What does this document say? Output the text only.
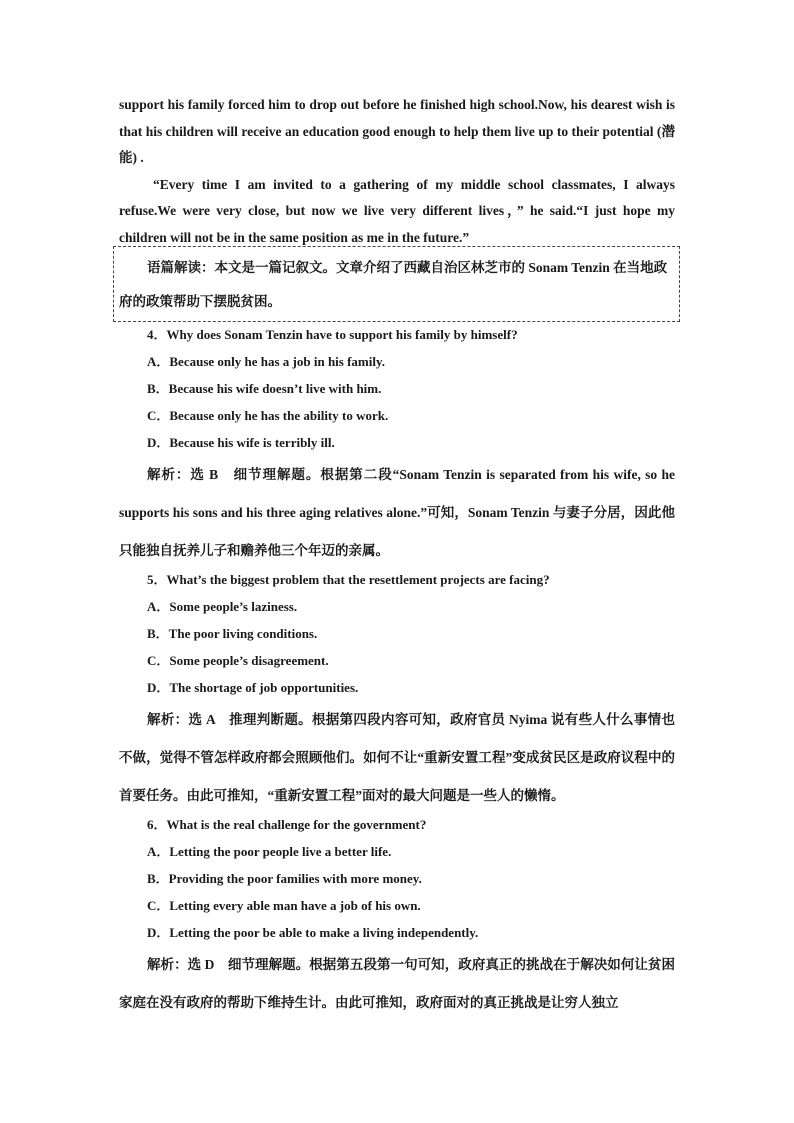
support his family forced him to drop out before he finished high school.Now, his dearest wish is that his children will receive an education good enough to help them live up to their potential (潜能) .

“Every time I am invited to a gathering of my middle school classmates, I always refuse.We were very close, but now we live very different lives，” he said.“I just hope my children will not be in the same position as me in the future.”

语篇解读：本文是一篇记叙文。文章介绍了西藏自治区林芝市的 Sonam Tenzin 在当地政府的政策帮助下摆脱贫困。

4．Why does Sonam Tenzin have to support his family by himself?

A．Because only he has a job in his family.

B．Because his wife doesn’t live with him.

C．Because only he has the ability to work.

D．Because his wife is terribly ill.

解析：选 B　细节理解题。根据第二段“Sonam Tenzin is separated from his wife, so he supports his sons and his three aging relatives alone.”可知，Sonam Tenzin 与妻子分居，因此他只能独自抚养儿子和赡养他三个年迈的亲属。

5．What’s the biggest problem that the resettlement projects are facing?

A．Some people’s laziness.

B．The poor living conditions.

C．Some people’s disagreement.

D．The shortage of job opportunities.

解析：选 A　推理判断题。根据第四段内容可知，政府官员 Nyima 说有些人什么事情也不做，觉得不管怎样政府都会照顾他们。如何不让“重新安置工程”变成贫民区是政府议程中的首要任务。由此可推知，“重新安置工程”面对的最大问题是一些人的懒惰。

6．What is the real challenge for the government?

A．Letting the poor people live a better life.

B．Providing the poor families with more money.

C．Letting every able man have a job of his own.

D．Letting the poor be able to make a living independently.

解析：选 D　细节理解题。根据第五段第一句可知，政府真正的挑战在于解决如何让贫困家庭在没有政府的帮助下维持生计。由此可推知，政府面对的真正挑战是让穷人独立
